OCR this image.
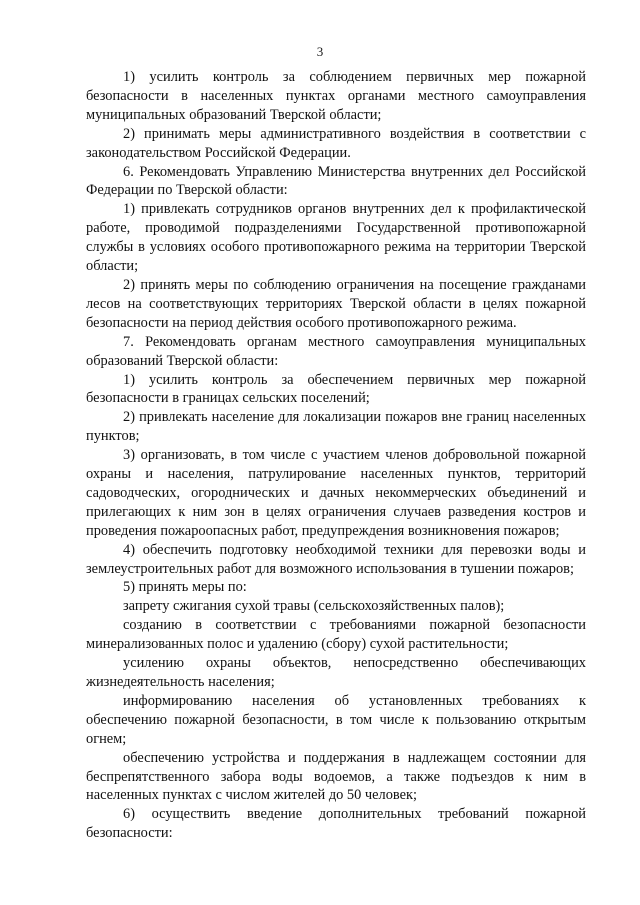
3

1) усилить контроль за соблюдением первичных мер пожарной безопасности в населенных пунктах органами местного самоуправления муниципальных образований Тверской области;

2) принимать меры административного воздействия в соответствии с законодательством Российской Федерации.

6. Рекомендовать Управлению Министерства внутренних дел Российской Федерации по Тверской области:

1) привлекать сотрудников органов внутренних дел к профилактической работе, проводимой подразделениями Государственной противопожарной службы в условиях особого противопожарного режима на территории Тверской области;

2) принять меры по соблюдению ограничения на посещение гражданами лесов на соответствующих территориях Тверской области в целях пожарной безопасности на период действия особого противопожарного режима.

7. Рекомендовать органам местного самоуправления муниципальных образований Тверской области:

1) усилить контроль за обеспечением первичных мер пожарной безопасности в границах сельских поселений;

2) привлекать население для локализации пожаров вне границ населенных пунктов;

3) организовать, в том числе с участием членов добровольной пожарной охраны и населения, патрулирование населенных пунктов, территорий садоводческих, огороднических и дачных некоммерческих объединений и прилегающих к ним зон в целях ограничения случаев разведения костров и проведения пожароопасных работ, предупреждения возникновения пожаров;

4) обеспечить подготовку необходимой техники для перевозки воды и землеустроительных работ для возможного использования в тушении пожаров;

5) принять меры по:

запрету сжигания сухой травы (сельскохозяйственных палов);

созданию в соответствии с требованиями пожарной безопасности минерализованных полос и удалению (сбору) сухой растительности;

усилению охраны объектов, непосредственно обеспечивающих жизнедеятельность населения;

информированию населения об установленных требованиях к обеспечению пожарной безопасности, в том числе к пользованию открытым огнем;

обеспечению устройства и поддержания в надлежащем состоянии для беспрепятственного забора воды водоемов, а также подъездов к ним в населенных пунктах с числом жителей до 50 человек;

6) осуществить введение дополнительных требований пожарной безопасности:
